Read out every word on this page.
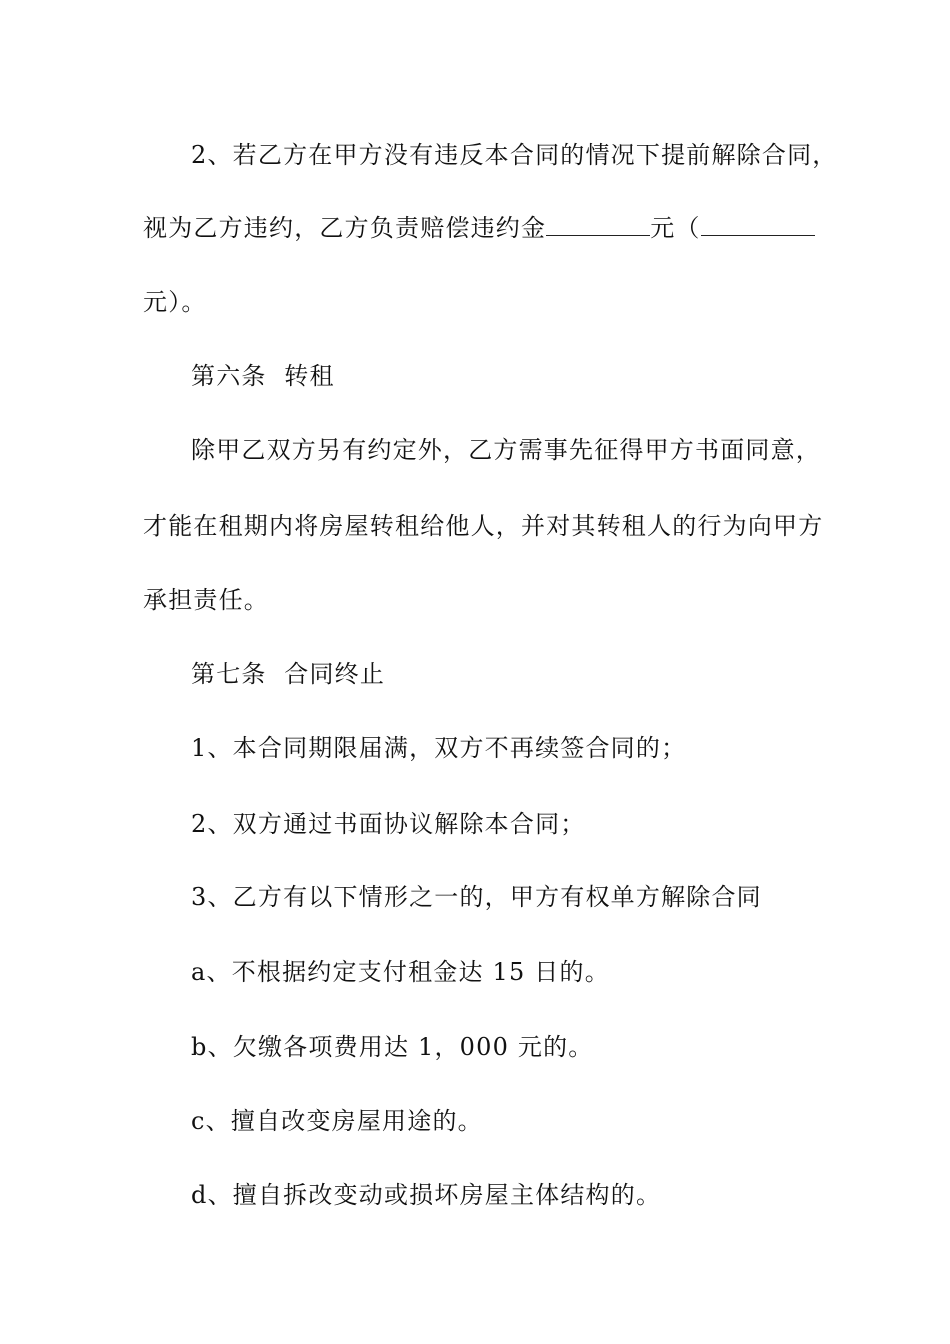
2、若乙方在甲方没有违反本合同的情况下提前解除合同，
视为乙方违约，乙方负责赔偿违约金	元（
元）。
第六条  转租
除甲乙双方另有约定外，乙方需事先征得甲方书面同意，
才能在租期内将房屋转租给他人，并对其转租人的行为向甲方
承担责任。
第七条  合同终止
1、本合同期限届满，双方不再续签合同的；
2、双方通过书面协议解除本合同；
3、乙方有以下情形之一的，甲方有权单方解除合同
a、不根据约定支付租金达 15 日的。
b、欠缴各项费用达 1，000 元的。
c、擅自改变房屋用途的。
d、擅自拆改变动或损坏房屋主体结构的。
